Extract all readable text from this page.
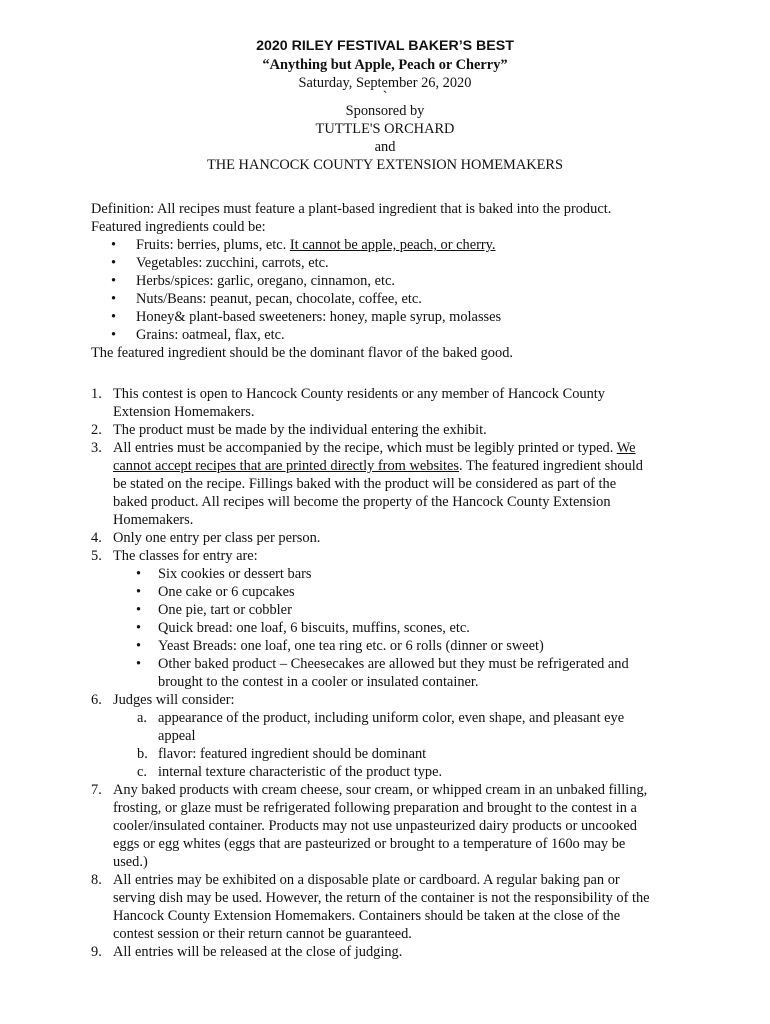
2020 RILEY FESTIVAL BAKER’S BEST
“Anything but Apple, Peach or Cherry”
Saturday, September 26, 2020
`
Sponsored by
TUTTLE'S ORCHARD
and
THE HANCOCK COUNTY EXTENSION HOMEMAKERS
Definition: All recipes must feature a plant-based ingredient that is baked into the product.
Featured ingredients could be:
• Fruits: berries, plums, etc. It cannot be apple, peach, or cherry.
• Vegetables: zucchini, carrots, etc.
• Herbs/spices: garlic, oregano, cinnamon, etc.
• Nuts/Beans: peanut, pecan, chocolate, coffee, etc.
• Honey& plant-based sweeteners: honey, maple syrup, molasses
• Grains: oatmeal, flax, etc.
The featured ingredient should be the dominant flavor of the baked good.
1. This contest is open to Hancock County residents or any member of Hancock County
Extension Homemakers.
2. The product must be made by the individual entering the exhibit.
3. All entries must be accompanied by the recipe, which must be legibly printed or typed. We
cannot accept recipes that are printed directly from websites. The featured ingredient should
be stated on the recipe. Fillings baked with the product will be considered as part of the
baked product. All recipes will become the property of the Hancock County Extension
Homemakers.
4. Only one entry per class per person.
5. The classes for entry are:
• Six cookies or dessert bars
• One cake or 6 cupcakes
• One pie, tart or cobbler
• Quick bread: one loaf, 6 biscuits, muffins, scones, etc.
• Yeast Breads: one loaf, one tea ring etc. or 6 rolls (dinner or sweet)
• Other baked product – Cheesecakes are allowed but they must be refrigerated and
brought to the contest in a cooler or insulated container.
6. Judges will consider:
a. appearance of the product, including uniform color, even shape, and pleasant eye
appeal
b. flavor: featured ingredient should be dominant
c. internal texture characteristic of the product type.
7. Any baked products with cream cheese, sour cream, or whipped cream in an unbaked filling,
frosting, or glaze must be refrigerated following preparation and brought to the contest in a
cooler/insulated container. Products may not use unpasteurized dairy products or uncooked
eggs or egg whites (eggs that are pasteurized or brought to a temperature of 160o may be
used.)
8. All entries may be exhibited on a disposable plate or cardboard. A regular baking pan or
serving dish may be used. However, the return of the container is not the responsibility of the
Hancock County Extension Homemakers. Containers should be taken at the close of the
contest session or their return cannot be guaranteed.
9. All entries will be released at the close of judging.
